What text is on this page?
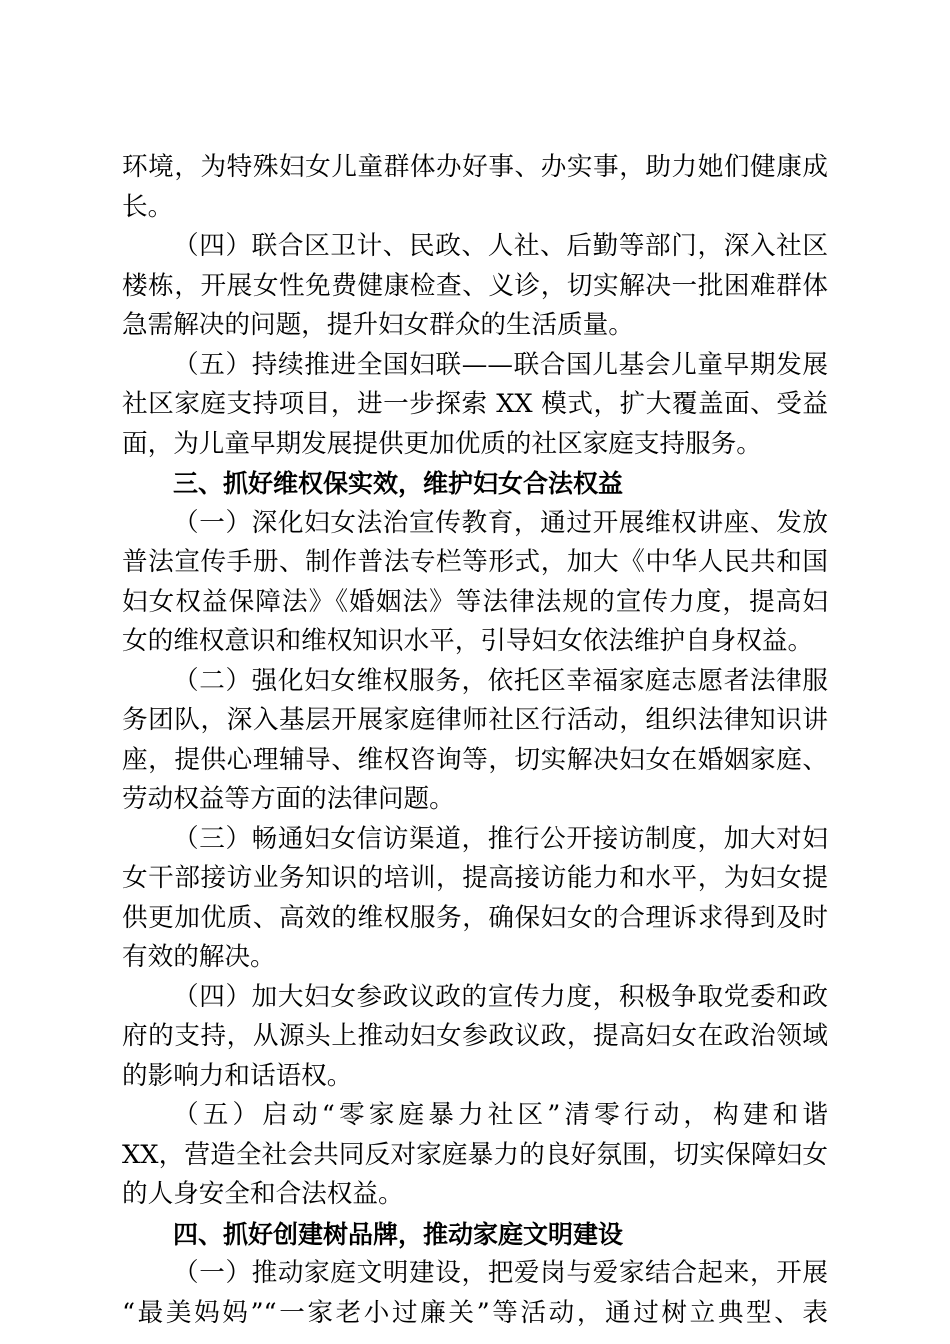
环境，为特殊妇女儿童群体办好事、办实事，助力她们健康成
长。
（四）联合区卫计、民政、人社、后勤等部门，深入社区
楼栋，开展女性免费健康检查、义诊，切实解决一批困难群体
急需解决的问题，提升妇女群众的生活质量。
（五）持续推进全国妇联——联合国儿基会儿童早期发展
社区家庭支持项目，进一步探索 XX 模式，扩大覆盖面、受益
面，为儿童早期发展提供更加优质的社区家庭支持服务。
三、抓好维权保实效，维护妇女合法权益
（一）深化妇女法治宣传教育，通过开展维权讲座、发放
普法宣传手册、制作普法专栏等形式，加大《中华人民共和国
妇女权益保障法》《婚姻法》等法律法规的宣传力度，提高妇
女的维权意识和维权知识水平，引导妇女依法维护自身权益。
（二）强化妇女维权服务，依托区幸福家庭志愿者法律服
务团队，深入基层开展家庭律师社区行活动，组织法律知识讲
座，提供心理辅导、维权咨询等，切实解决妇女在婚姻家庭、
劳动权益等方面的法律问题。
（三）畅通妇女信访渠道，推行公开接访制度，加大对妇
女干部接访业务知识的培训，提高接访能力和水平，为妇女提
供更加优质、高效的维权服务，确保妇女的合理诉求得到及时
有效的解决。
（四）加大妇女参政议政的宣传力度，积极争取党委和政
府的支持，从源头上推动妇女参政议政，提高妇女在政治领域
的影响力和话语权。
（五）启动“零家庭暴力社区”清零行动，构建和谐
XX，营造全社会共同反对家庭暴力的良好氛围，切实保障妇女
的人身安全和合法权益。
四、抓好创建树品牌，推动家庭文明建设
（一）推动家庭文明建设，把爱岗与爱家结合起来，开展
“最美妈妈”“一家老小过廉关”等活动，通过树立典型、表
